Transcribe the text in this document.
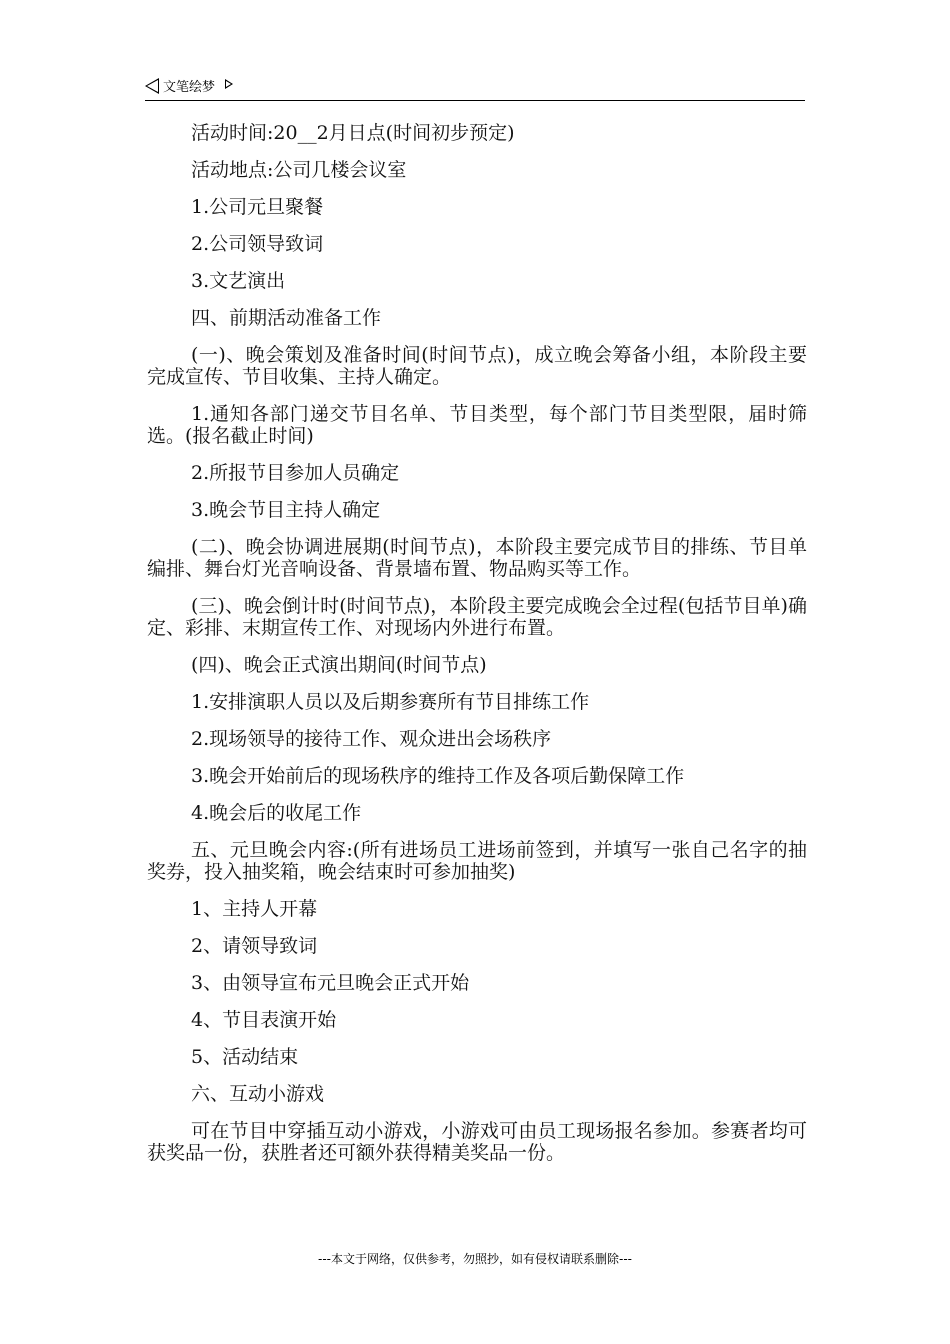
文笔绘梦

活动时间:20__2月日点(时间初步预定)

活动地点:公司几楼会议室

1.公司元旦聚餐

2.公司领导致词

3.文艺演出

四、前期活动准备工作

(一)、晚会策划及准备时间(时间节点)，成立晚会筹备小组，本阶段主要完成宣传、节目收集、主持人确定。

1.通知各部门递交节目名单、节目类型，每个部门节目类型限，届时筛选。(报名截止时间)

2.所报节目参加人员确定

3.晚会节目主持人确定

(二)、晚会协调进展期(时间节点)，本阶段主要完成节目的排练、节目单编排、舞台灯光音响设备、背景墙布置、物品购买等工作。

(三)、晚会倒计时(时间节点)，本阶段主要完成晚会全过程(包括节目单)确定、彩排、末期宣传工作、对现场内外进行布置。

(四)、晚会正式演出期间(时间节点)

1.安排演职人员以及后期参赛所有节目排练工作

2.现场领导的接待工作、观众进出会场秩序

3.晚会开始前后的现场秩序的维持工作及各项后勤保障工作

4.晚会后的收尾工作

五、元旦晚会内容:(所有进场员工进场前签到，并填写一张自己名字的抽奖券，投入抽奖箱，晚会结束时可参加抽奖)

1、主持人开幕

2、请领导致词

3、由领导宣布元旦晚会正式开始

4、节目表演开始

5、活动结束

六、互动小游戏

可在节目中穿插互动小游戏，小游戏可由员工现场报名参加。参赛者均可获奖品一份，获胜者还可额外获得精美奖品一份。

---本文于网络，仅供参考，勿照抄，如有侵权请联系删除---
